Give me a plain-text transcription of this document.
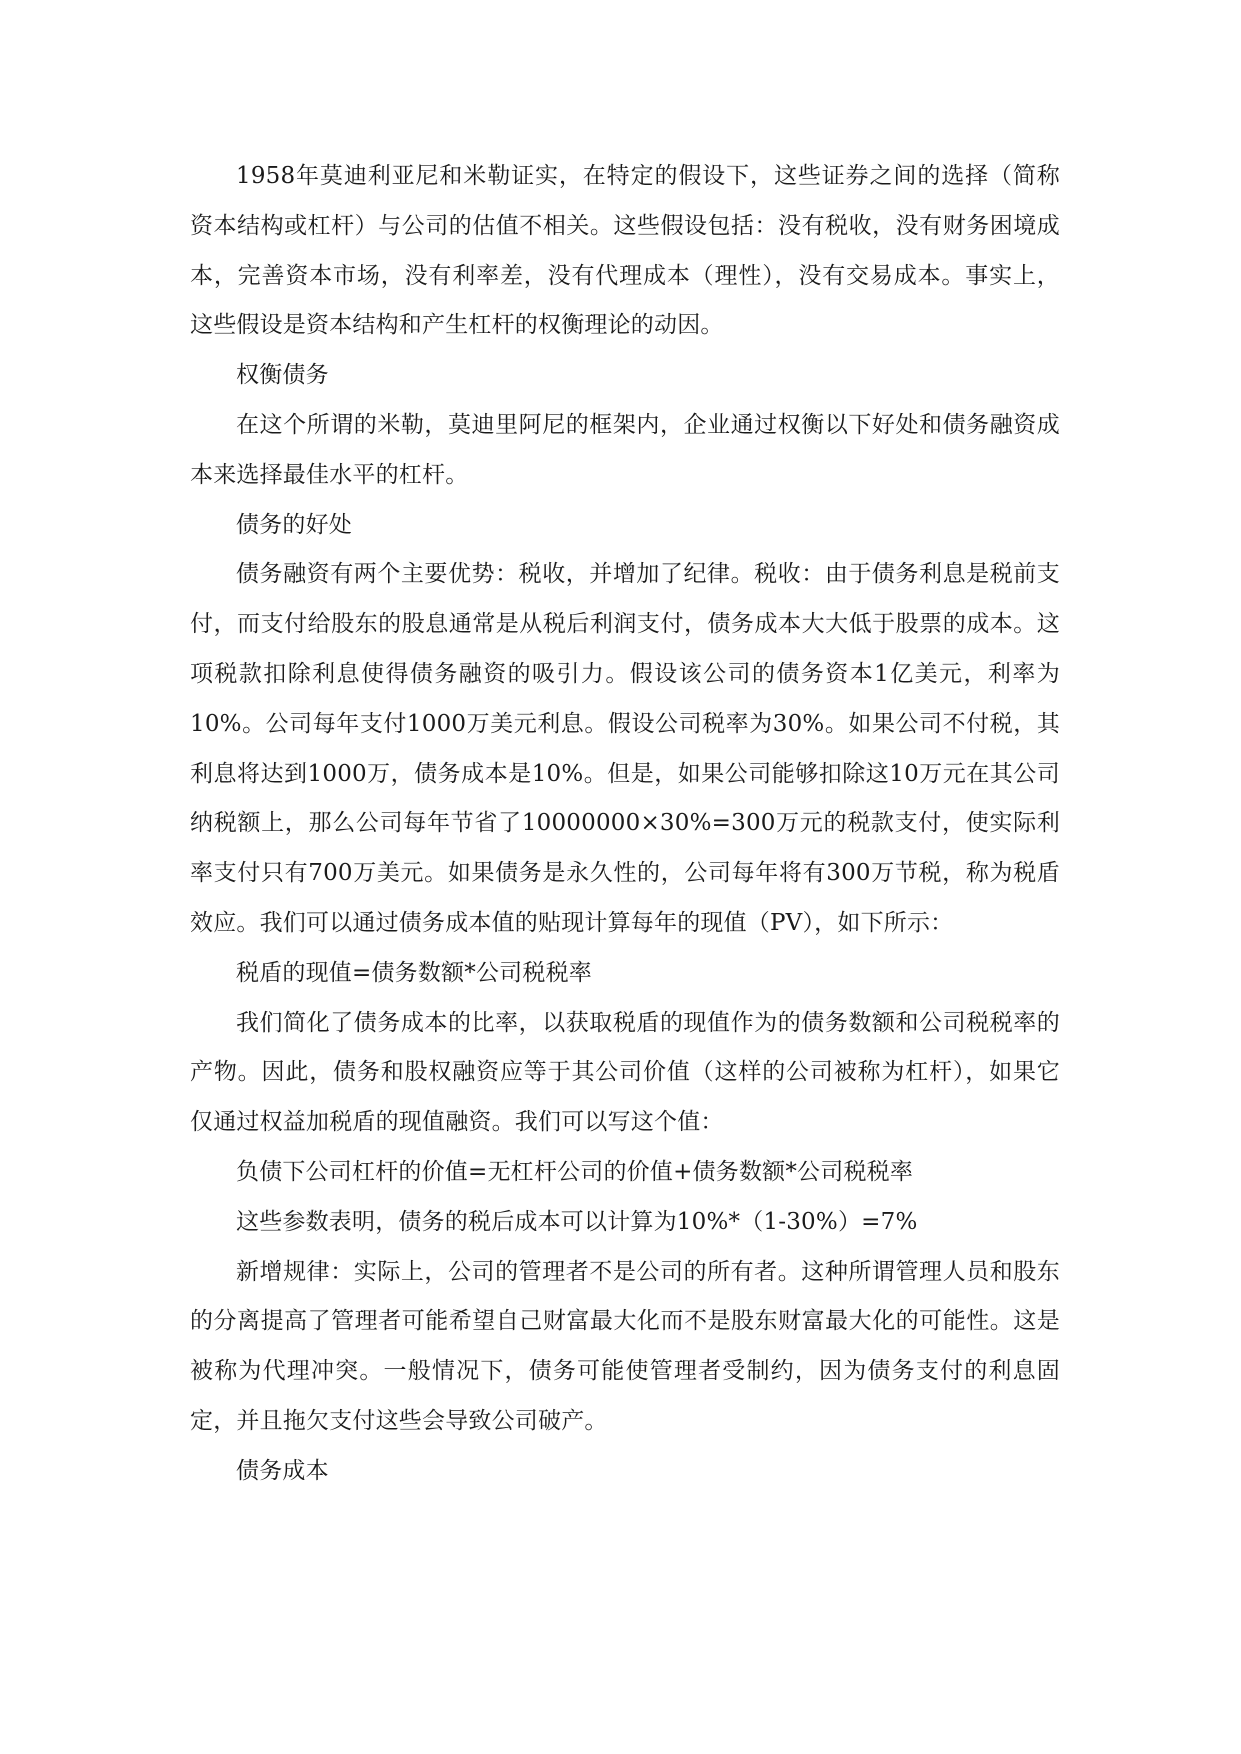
1958年莫迪利亚尼和米勒证实，在特定的假设下，这些证券之间的选择（简称资本结构或杠杆）与公司的估值不相关。这些假设包括：没有税收，没有财务困境成本，完善资本市场，没有利率差，没有代理成本（理性），没有交易成本。事实上，这些假设是资本结构和产生杠杆的权衡理论的动因。

权衡债务

在这个所谓的米勒，莫迪里阿尼的框架内，企业通过权衡以下好处和债务融资成本来选择最佳水平的杠杆。

债务的好处

债务融资有两个主要优势：税收，并增加了纪律。税收：由于债务利息是税前支付，而支付给股东的股息通常是从税后利润支付，债务成本大大低于股票的成本。这项税款扣除利息使得债务融资的吸引力。假设该公司的债务资本1亿美元，利率为10%。公司每年支付1000万美元利息。假设公司税率为30%。如果公司不付税，其利息将达到1000万，债务成本是10%。但是，如果公司能够扣除这10万元在其公司纳税额上，那么公司每年节省了10000000×30%=300万元的税款支付，使实际利率支付只有700万美元。如果债务是永久性的，公司每年将有300万节税，称为税盾效应。我们可以通过债务成本值的贴现计算每年的现值（PV），如下所示：

税盾的现值=债务数额*公司税税率

我们简化了债务成本的比率，以获取税盾的现值作为的债务数额和公司税税率的产物。因此，债务和股权融资应等于其公司价值（这样的公司被称为杠杆），如果它仅通过权益加税盾的现值融资。我们可以写这个值：

负债下公司杠杆的价值=无杠杆公司的价值+债务数额*公司税税率

这些参数表明，债务的税后成本可以计算为10%*（1-30%）=7%

新增规律：实际上，公司的管理者不是公司的所有者。这种所谓管理人员和股东的分离提高了管理者可能希望自己财富最大化而不是股东财富最大化的可能性。这是被称为代理冲突。一般情况下，债务可能使管理者受制约，因为债务支付的利息固定，并且拖欠支付这些会导致公司破产。

债务成本
